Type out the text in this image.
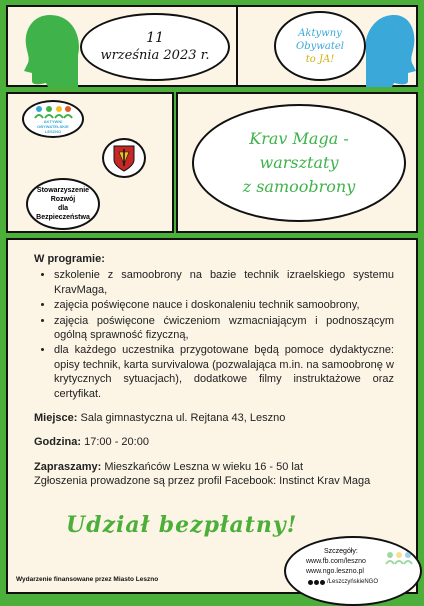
11
września 2023 r.
Aktywny
Obywatel
to JA!
AKTYWNI OBYWATELSKIE LESZNO
Stowarzyszenie
Rozwój
dla
Bezpieczeństwa
Krav Maga -
warsztaty
z samoobrony

W programie:

• szkolenie z samoobrony na bazie technik izraelskiego systemu KravMaga,
• zajęcia poświęcone nauce i doskonaleniu technik samoobrony,
• zajęcia poświęcone ćwiczeniom wzmacniającym i podnoszącym ogólną sprawność fizyczną,
• dla każdego uczestnika przygotowane będą pomoce dydaktyczne: opisy technik, karta survivalowa (pozwalająca m.in. na samoobronę w krytycznych sytuacjach), dodatkowe filmy instruktażowe oraz certyfikat.

Miejsce: Sala gimnastyczna ul. Rejtana 43, Leszno

Godzina: 17:00 - 20:00

Zapraszamy: Mieszkańców Leszna w wieku 16 - 50 lat

Zgłoszenia prowadzone są przez profil Facebook: Instinct Krav Maga

Udział bezpłatny!
Wydarzenie finansowane przez Miasto Leszno
Szczegóły:
www.fb.com/leszno
www.ngo.leszno.pl
/LeszczyńskieNGO
